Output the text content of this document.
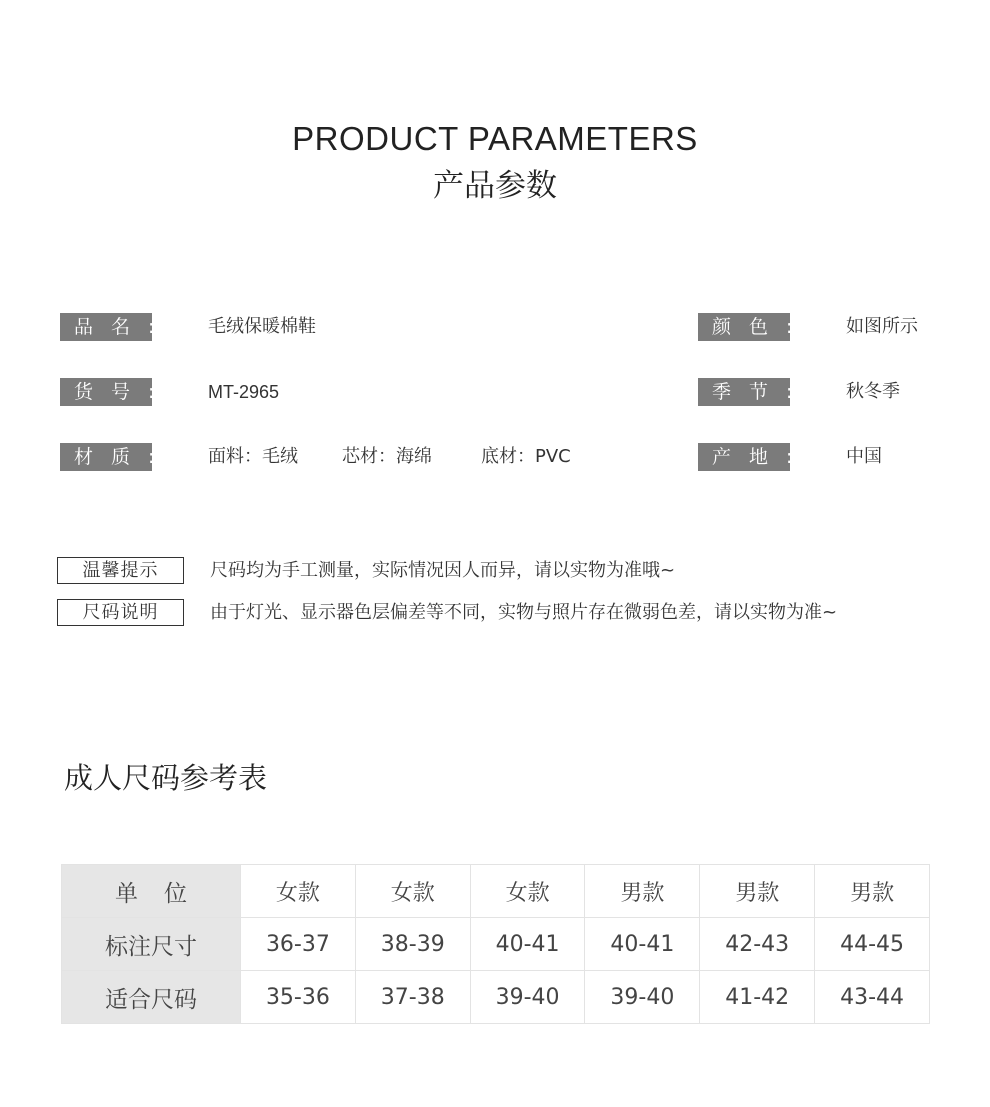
PRODUCT PARAMETERS
产品参数
品名: 毛绒保暖棉鞋	颜色: 如图所示
货号: MT-2965	季节: 秋冬季
材质: 面料：毛绒 芯材：海绵	底材：PVC	产地: 中国
温馨提示	尺码均为手工测量，实际情况因人而异，请以实物为准哦~
尺码说明	由于灯光、显示器色层偏差等不同，实物与照片存在微弱色差，请以实物为准~
成人尺码参考表
单位	女款	女款	女款	男款	男款	男款
标注尺寸	36-37	38-39	40-41	40-41	42-43	44-45
适合尺码	35-36	37-38	39-40	39-40	41-42	43-44
